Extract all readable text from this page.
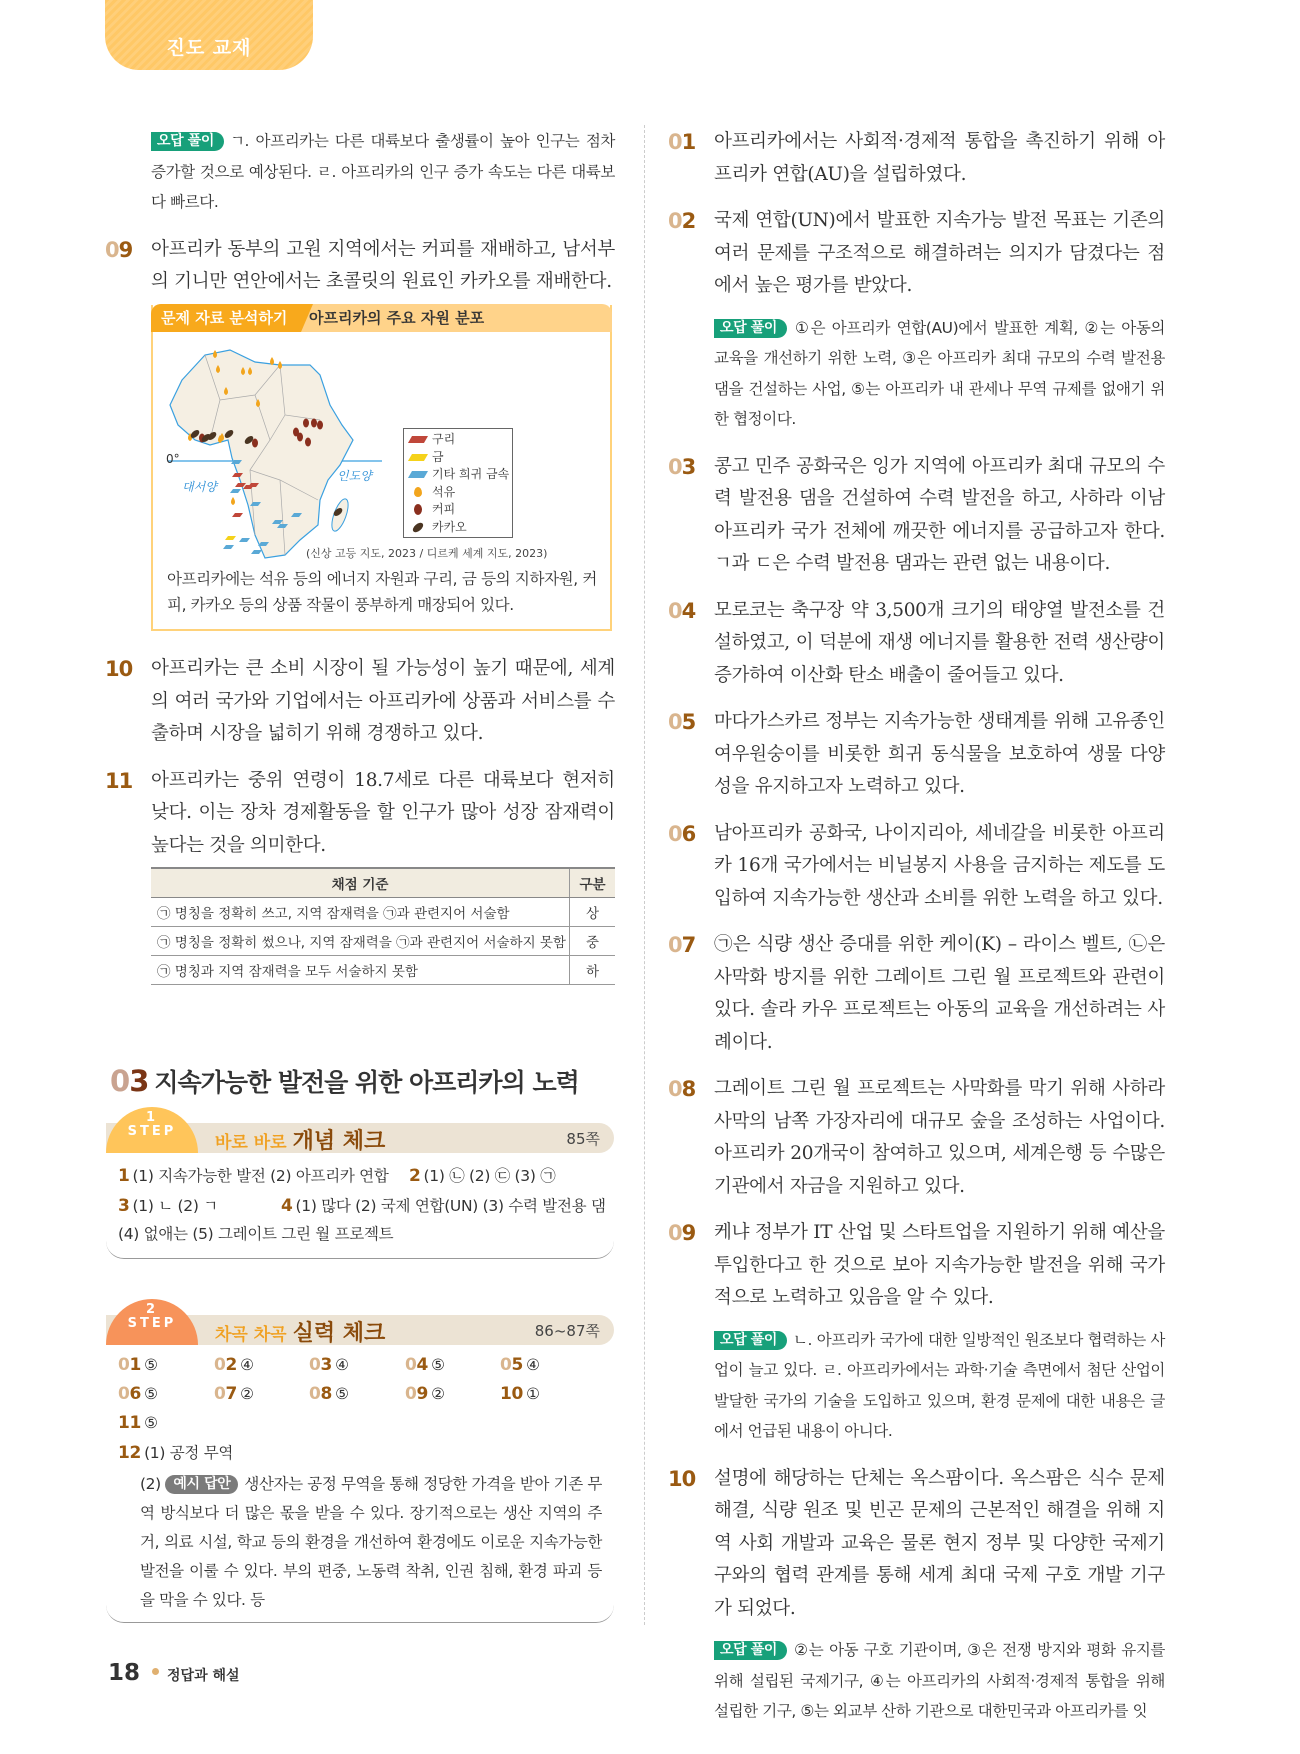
진도 교재
오답 풀이 ㄱ. 아프리카는 다른 대륙보다 출생률이 높아 인구는 점차 증가할 것으로 예상된다. ㄹ. 아프리카의 인구 증가 속도는 다른 대륙보다 빠르다.
09 아프리카 동부의 고원 지역에서는 커피를 재배하고, 남서부의 기니만 연안에서는 초콜릿의 원료인 카카오를 재배한다.
문제 자료 분석하기	아프리카의 주요 자원 분포
0°
대서양
인도양
구리
금
기타 희귀 금속
석유
커피
카카오
(신상 고등 지도, 2023 / 디르케 세계 지도, 2023)
아프리카에는 석유 등의 에너지 자원과 구리, 금 등의 지하자원, 커피, 카카오 등의 상품 작물이 풍부하게 매장되어 있다.
10 아프리카는 큰 소비 시장이 될 가능성이 높기 때문에, 세계의 여러 국가와 기업에서는 아프리카에 상품과 서비스를 수출하며 시장을 넓히기 위해 경쟁하고 있다.
11 아프리카는 중위 연령이 18.7세로 다른 대륙보다 현저히 낮다. 이는 장차 경제활동을 할 인구가 많아 성장 잠재력이 높다는 것을 의미한다.
채점 기준	구분
㉠ 명칭을 정확히 쓰고, 지역 잠재력을 ㉠과 관련지어 서술함	상
㉠ 명칭을 정확히 썼으나, 지역 잠재력을 ㉠과 관련지어 서술하지 못함	중
㉠ 명칭과 지역 잠재력을 모두 서술하지 못함	하
03 지속가능한 발전을 위한 아프리카의 노력
1
STEP
바로 바로 개념 체크	85쪽
1 (1) 지속가능한 발전 (2) 아프리카 연합 2 (1) ㉡ (2) ㉢ (3) ㉠
3 (1) ㄴ (2) ㄱ	4 (1) 많다 (2) 국제 연합(UN) (3) 수력 발전용 댐
(4) 없애는 (5) 그레이트 그린 월 프로젝트
2
STEP
차곡 차곡 실력 체크	86~87쪽
01 ⑤	02 ④	03 ④	04 ⑤	05 ④
06 ⑤	07 ②	08 ⑤	09 ②	10 ①
11 ⑤
12 (1) 공정 무역
(2) 예시 답안 생산자는 공정 무역을 통해 정당한 가격을 받아 기존 무역 방식보다 더 많은 몫을 받을 수 있다. 장기적으로는 생산 지역의 주거, 의료 시설, 학교 등의 환경을 개선하여 환경에도 이로운 지속가능한 발전을 이룰 수 있다. 부의 편중, 노동력 착취, 인권 침해, 환경 파괴 등을 막을 수 있다. 등
01 아프리카에서는 사회적·경제적 통합을 촉진하기 위해 아프리카 연합(AU)을 설립하였다.
02 국제 연합(UN)에서 발표한 지속가능 발전 목표는 기존의 여러 문제를 구조적으로 해결하려는 의지가 담겼다는 점에서 높은 평가를 받았다.
오답 풀이 ①은 아프리카 연합(AU)에서 발표한 계획, ②는 아동의 교육을 개선하기 위한 노력, ③은 아프리카 최대 규모의 수력 발전용 댐을 건설하는 사업, ⑤는 아프리카 내 관세나 무역 규제를 없애기 위한 협정이다.
03 콩고 민주 공화국은 잉가 지역에 아프리카 최대 규모의 수력 발전용 댐을 건설하여 수력 발전을 하고, 사하라 이남 아프리카 국가 전체에 깨끗한 에너지를 공급하고자 한다. ㄱ과 ㄷ은 수력 발전용 댐과는 관련 없는 내용이다.
04 모로코는 축구장 약 3,500개 크기의 태양열 발전소를 건설하였고, 이 덕분에 재생 에너지를 활용한 전력 생산량이 증가하여 이산화 탄소 배출이 줄어들고 있다.
05 마다가스카르 정부는 지속가능한 생태계를 위해 고유종인 여우원숭이를 비롯한 희귀 동식물을 보호하여 생물 다양성을 유지하고자 노력하고 있다.
06 남아프리카 공화국, 나이지리아, 세네갈을 비롯한 아프리카 16개 국가에서는 비닐봉지 사용을 금지하는 제도를 도입하여 지속가능한 생산과 소비를 위한 노력을 하고 있다.
07 ㉠은 식량 생산 증대를 위한 케이(K) – 라이스 벨트, ㉡은 사막화 방지를 위한 그레이트 그린 월 프로젝트와 관련이 있다. 솔라 카우 프로젝트는 아동의 교육을 개선하려는 사례이다.
08 그레이트 그린 월 프로젝트는 사막화를 막기 위해 사하라 사막의 남쪽 가장자리에 대규모 숲을 조성하는 사업이다. 아프리카 20개국이 참여하고 있으며, 세계은행 등 수많은 기관에서 자금을 지원하고 있다.
09 케냐 정부가 IT 산업 및 스타트업을 지원하기 위해 예산을 투입한다고 한 것으로 보아 지속가능한 발전을 위해 국가적으로 노력하고 있음을 알 수 있다.
오답 풀이 ㄴ. 아프리카 국가에 대한 일방적인 원조보다 협력하는 사업이 늘고 있다. ㄹ. 아프리카에서는 과학·기술 측면에서 첨단 산업이 발달한 국가의 기술을 도입하고 있으며, 환경 문제에 대한 내용은 글에서 언급된 내용이 아니다.
10 설명에 해당하는 단체는 옥스팜이다. 옥스팜은 식수 문제 해결, 식량 원조 및 빈곤 문제의 근본적인 해결을 위해 지역 사회 개발과 교육은 물론 현지 정부 및 다양한 국제기구와의 협력 관계를 통해 세계 최대 국제 구호 개발 기구가 되었다.
오답 풀이 ②는 아동 구호 기관이며, ③은 전쟁 방지와 평화 유지를 위해 설립된 국제기구, ④는 아프리카의 사회적·경제적 통합을 위해 설립한 기구, ⑤는 외교부 산하 기관으로 대한민국과 아프리카를 잇
18 정답과 해설
